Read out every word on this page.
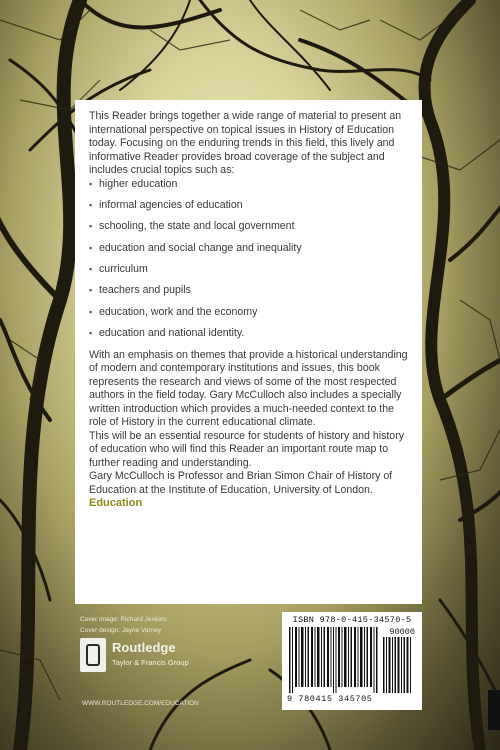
This Reader brings together a wide range of material to present an international perspective on topical issues in History of Education today. Focusing on the enduring trends in this field, this lively and informative Reader provides broad coverage of the subject and includes crucial topics such as:

▪ higher education
▪ informal agencies of education
▪ schooling, the state and local government
▪ education and social change and inequality
▪ curriculum
▪ teachers and pupils
▪ education, work and the economy
▪ education and national identity.

With an emphasis on themes that provide a historical understanding of modern and contemporary institutions and issues, this book represents the research and views of some of the most respected authors in the field today. Gary McCulloch also includes a specially written introduction which provides a much-needed context to the role of History in the current educational climate.

This will be an essential resource for students of history and history of education who will find this Reader an important route map to further reading and understanding.

Gary McCulloch is Professor and Brian Simon Chair of History of Education at the Institute of Education, University of London.

Education

Cover image: Richard Jenkins
Cover design: Jayne Varney
Routledge
Taylor & Francis Group
WWW.ROUTLEDGE.COM/EDUCATION
ISBN 978-0-415-34570-5
90000
9 780415 345705
